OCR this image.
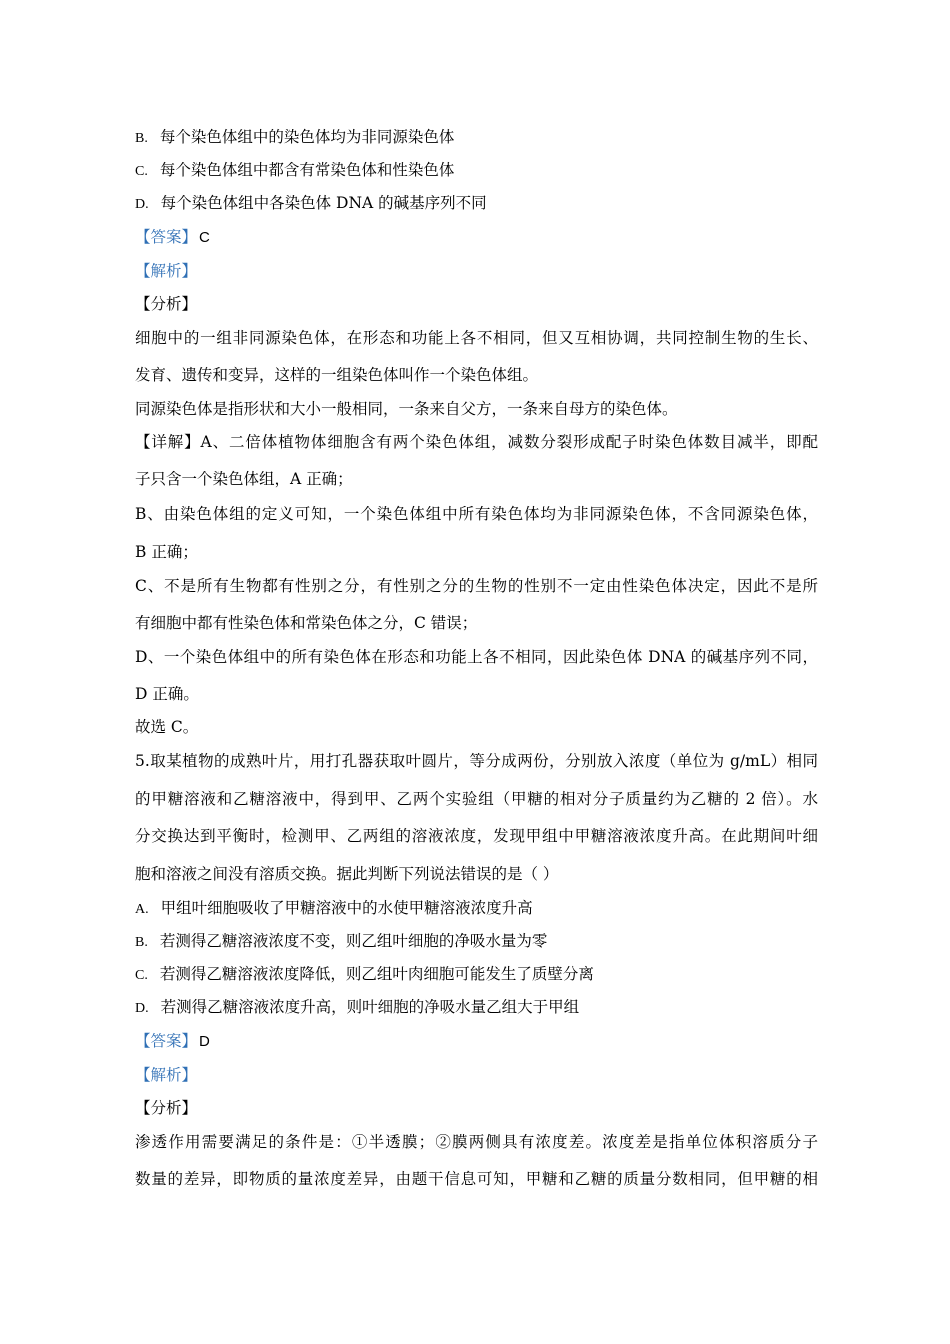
B. 每个染色体组中的染色体均为非同源染色体

C. 每个染色体组中都含有常染色体和性染色体

D. 每个染色体组中各染色体 DNA 的碱基序列不同

【答案】 C

【解析】

【分析】

细胞中的一组非同源染色体，在形态和功能上各不相同，但又互相协调，共同控制生物的生长、

发育、遗传和变异，这样的一组染色体叫作一个染色体组。

同源染色体是指形状和大小一般相同，一条来自父方，一条来自母方的染色体。

【详解】A、二倍体植物体细胞含有两个染色体组，减数分裂形成配子时染色体数目减半，即配

子只含一个染色体组，A 正确；

B、由染色体组的定义可知，一个染色体组中所有染色体均为非同源染色体，不含同源染色体，

B 正确；

C、不是所有生物都有性别之分，有性别之分的生物的性别不一定由性染色体决定，因此不是所

有细胞中都有性染色体和常染色体之分，C 错误；

D、一个染色体组中的所有染色体在形态和功能上各不相同，因此染色体 DNA 的碱基序列不同，

D 正确。

故选 C。

5.取某植物的成熟叶片，用打孔器获取叶圆片，等分成两份，分别放入浓度（单位为 g/mL）相同

的甲糖溶液和乙糖溶液中，得到甲、乙两个实验组（甲糖的相对分子质量约为乙糖的 2 倍）。水

分交换达到平衡时，检测甲、乙两组的溶液浓度，发现甲组中甲糖溶液浓度升高。在此期间叶细

胞和溶液之间没有溶质交换。据此判断下列说法错误的是（ ）

A. 甲组叶细胞吸收了甲糖溶液中的水使甲糖溶液浓度升高

B. 若测得乙糖溶液浓度不变，则乙组叶细胞的净吸水量为零

C. 若测得乙糖溶液浓度降低，则乙组叶肉细胞可能发生了质壁分离

D. 若测得乙糖溶液浓度升高，则叶细胞的净吸水量乙组大于甲组

【答案】 D

【解析】

【分析】

渗透作用需要满足的条件是：①半透膜；②膜两侧具有浓度差。浓度差是指单位体积溶质分子

数量的差异，即物质的量浓度差异，由题干信息可知，甲糖和乙糖的质量分数相同，但甲糖的相
